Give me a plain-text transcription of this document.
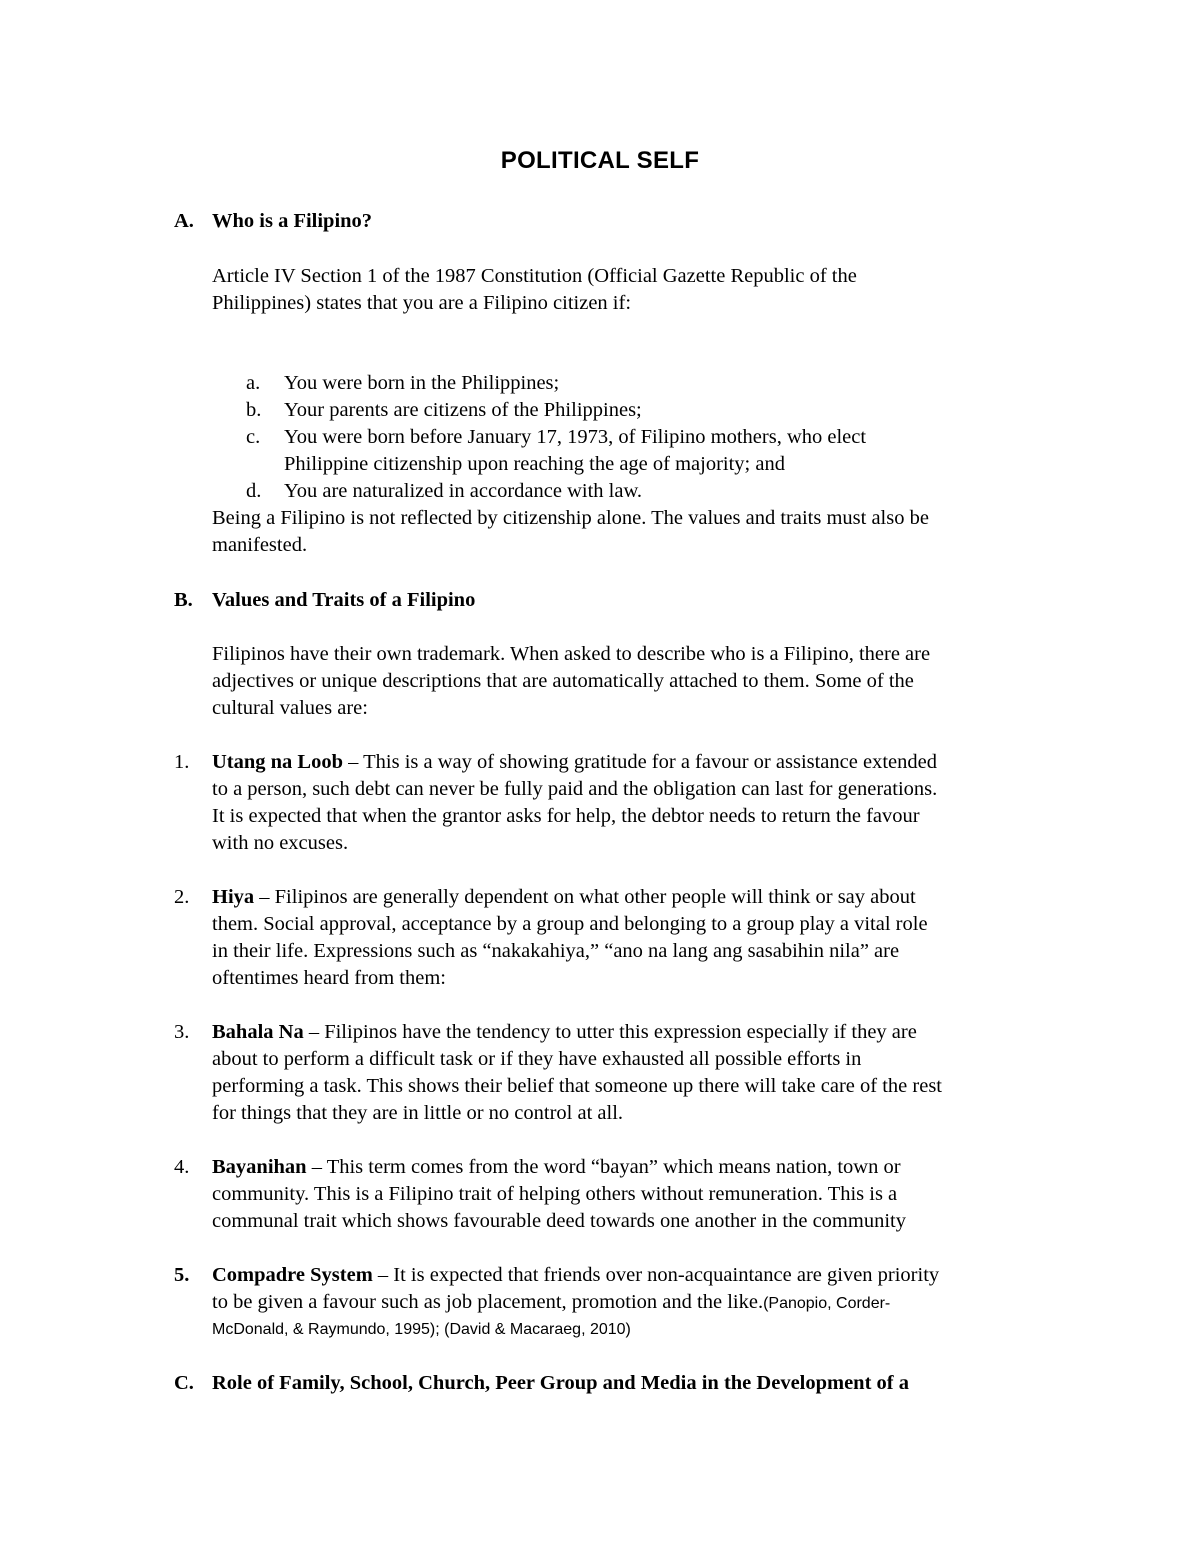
POLITICAL SELF
A. Who is a Filipino?
Article IV Section 1 of the 1987 Constitution (Official Gazette Republic of the
Philippines) states that you are a Filipino citizen if:
a. You were born in the Philippines;
b. Your parents are citizens of the Philippines;
c. You were born before January 17, 1973, of Filipino mothers, who elect
Philippine citizenship upon reaching the age of majority; and
d. You are naturalized in accordance with law.
Being a Filipino is not reflected by citizenship alone. The values and traits must also be
manifested.
B. Values and Traits of a Filipino
Filipinos have their own trademark. When asked to describe who is a Filipino, there are
adjectives or unique descriptions that are automatically attached to them. Some of the
cultural values are:
1. Utang na Loob – This is a way of showing gratitude for a favour or assistance extended
to a person, such debt can never be fully paid and the obligation can last for generations.
It is expected that when the grantor asks for help, the debtor needs to return the favour
with no excuses.
2. Hiya – Filipinos are generally dependent on what other people will think or say about
them. Social approval, acceptance by a group and belonging to a group play a vital role
in their life. Expressions such as “nakakahiya,” “ano na lang ang sasabihin nila” are
oftentimes heard from them:
3. Bahala Na – Filipinos have the tendency to utter this expression especially if they are
about to perform a difficult task or if they have exhausted all possible efforts in
performing a task. This shows their belief that someone up there will take care of the rest
for things that they are in little or no control at all.
4. Bayanihan – This term comes from the word “bayan” which means nation, town or
community. This is a Filipino trait of helping others without remuneration. This is a
communal trait which shows favourable deed towards one another in the community
5. Compadre System – It is expected that friends over non-acquaintance are given priority
to be given a favour such as job placement, promotion and the like.(Panopio, Corder-
McDonald, & Raymundo, 1995); (David & Macaraeg, 2010)
C. Role of Family, School, Church, Peer Group and Media in the Development of a
